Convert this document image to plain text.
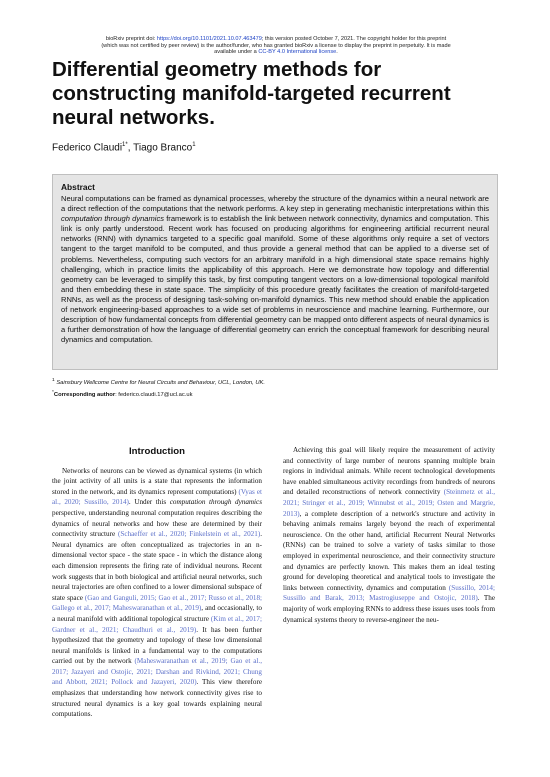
bioRxiv preprint doi: https://doi.org/10.1101/2021.10.07.463479; this version posted October 7, 2021. The copyright holder for this preprint
(which was not certified by peer review) is the author/funder, who has granted bioRxiv a license to display the preprint in perpetuity. It is made
available under a CC-BY 4.0 International license.
Differential geometry methods for constructing manifold-targeted recurrent neural networks.
Federico Claudi$^{1*}$, Tiago Branco$^1$
Abstract
Neural computations can be framed as dynamical processes, whereby the structure of the dynamics within a neural network are a direct reflection of the computations that the network performs. A key step in generating mechanistic interpretations within this computation through dynamics framework is to establish the link between network connectivity, dynamics and computation. This link is only partly understood. Recent work has focused on producing algorithms for engineering artificial recurrent neural networks (RNN) with dynamics targeted to a specific goal manifold. Some of these algorithms only require a set of vectors tangent to the target manifold to be computed, and thus provide a general method that can be applied to a diverse set of problems. Nevertheless, computing such vectors for an arbitrary manifold in a high dimensional state space remains highly challenging, which in practice limits the applicability of this approach. Here we demonstrate how topology and differential geometry can be leveraged to simplify this task, by first computing tangent vectors on a low-dimensional topological manifold and then embedding these in state space. The simplicity of this procedure greatly facilitates the creation of manifold-targeted RNNs, as well as the process of designing task-solving on-manifold dynamics. This new method should enable the application of network engineering-based approaches to a wide set of problems in neuroscience and machine learning. Furthermore, our description of how fundamental concepts from differential geometry can be mapped onto different aspects of neural dynamics is a further demonstration of how the language of differential geometry can enrich the conceptual framework for describing neural dynamics and computation.
$^1$ Sainsbury Wellcome Centre for Neural Circuits and Behaviour, UCL, London, UK.
*Corresponding author: federico.claudi.17@ucl.ac.uk
Introduction

Networks of neurons can be viewed as dynamical systems (in which the joint activity of all units is a state that represents the information stored in the network, and its dynamics represent computations) (Vyas et al., 2020; Sussillo, 2014). Under this computation through dynamics perspective, understanding neuronal computation requires describing the dynamics of neural networks and how these are determined by their connectivity structure (Schaeffer et al., 2020; Finkelstein et al., 2021). Neural dynamics are often conceptualized as trajectories in an n-dimensional vector space - the state space - in which the distance along each dimension represents the firing rate of individual neurons. Recent work suggests that in both biological and artificial neural networks, such neural trajectories are often confined to a lower dimensional subspace of state space (Gao and Ganguli, 2015; Gao et al., 2017; Russo et al., 2018; Gallego et al., 2017; Maheswaranathan et al., 2019), and occasionally, to a neural manifold with additional topological structure (Kim et al., 2017; Gardner et al., 2021; Chaudhuri et al., 2019). It has been further hypothesized that the geometry and topology of these low dimensional neural manifolds is linked in a fundamental way to the computations carried out by the network (Maheswaranathan et al., 2019; Gao et al., 2017; Jazayeri and Ostojic, 2021; Darshan and Rivkind, 2021; Chung and Abbott, 2021; Pollock and Jazayeri, 2020). This view therefore emphasizes that understanding how network connectivity gives rise to structured neural dynamics is a key goal towards explaining neural computations.

Achieving this goal will likely require the measurement of activity and connectivity of large number of neurons spanning multiple brain regions in individual animals. While recent technological developments have enabled simultaneous activity recordings from hundreds of neurons and detailed reconstructions of network connectivity (Steinmetz et al., 2021; Stringer et al., 2019; Winnubst et al., 2019; Osten and Margrie, 2013), a complete description of a network's structure and activity in behaving animals remains largely beyond the reach of experimental neuroscience. On the other hand, artificial Recurrent Neural Networks (RNNs) can be trained to solve a variety of tasks similar to those employed in experimental neuroscience, and their connectivity structure and dynamics are perfectly known. This makes them an ideal testing ground for developing theoretical and analytical tools to investigate the links between connectivity, dynamics and computation (Sussillo, 2014; Sussillo and Barak, 2013; Mastrogiuseppe and Ostojic, 2018). The majority of work employing RNNs to address these issues uses tools from dynamical systems theory to reverse-engineer the neu-
